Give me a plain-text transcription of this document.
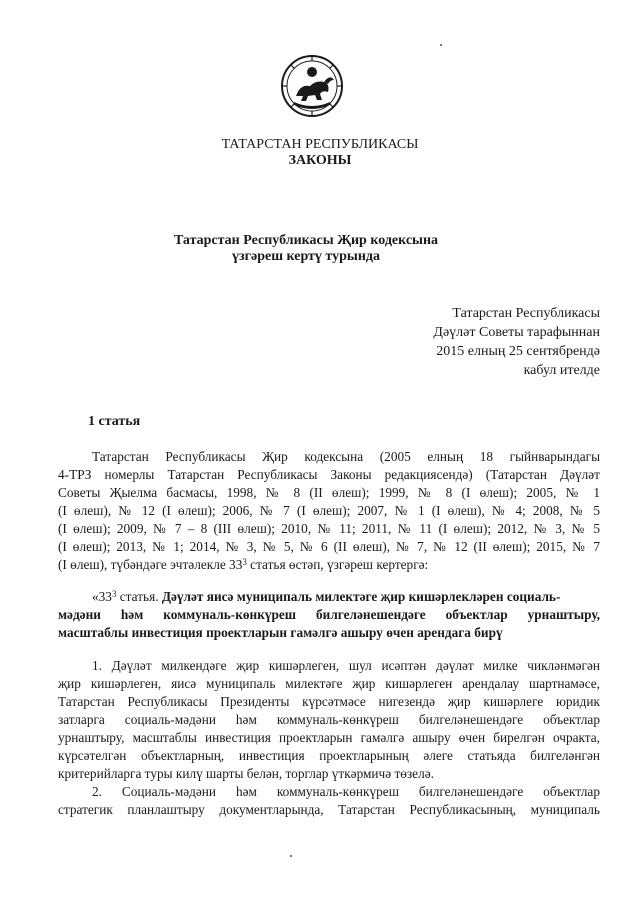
ТАТАРСТАН РЕСПУБЛИКАСЫ
ЗАКОНЫ
Татарстан Республикасы Җир кодексына
үзгәреш кертү турында
Татарстан Республикасы
Дәүләт Советы тарафыннан
2015 елның 25 сентябрендә
кабул ителде
1 статья
Татарстан Республикасы Җир кодексына (2005 елның 18 гыйнварындагы
4-ТРЗ номерлы Татарстан Республикасы Законы редакциясендә) (Татарстан Дәүләт
Советы Җыелма басмасы, 1998, № 8 (II өлеш); 1999, № 8 (I өлеш); 2005, № 1
(I өлеш), № 12 (I өлеш); 2006, № 7 (I өлеш); 2007, № 1 (I өлеш), № 4; 2008, № 5
(I өлеш); 2009, № 7 – 8 (III өлеш); 2010, № 11; 2011, № 11 (I өлеш); 2012, № 3, № 5
(I өлеш); 2013, № 1; 2014, № 3, № 5, № 6 (II өлеш), № 7, № 12 (II өлеш); 2015, № 7
(I өлеш), түбәндәге эчтәлекле $33^3$ статья өстәп, үзгәреш кертергә:
«$33^3$ статья. Дәүләт яисә муниципаль милектәге җир кишәрлекләрен социаль-
мәдәни һәм коммуналь-көнкүреш билгеләнешендәге объектлар урнаштыру,
масштаблы инвестиция проектларын гамәлгә ашыру өчен арендага бирү
1. Дәүләт милкендәге җир кишәрлеген, шул исәптән дәүләт милке чикләнмәгән
җир кишәрлеген, яисә муниципаль милектәге җир кишәрлеген арендалау шартнамәсе,
Татарстан Республикасы Президенты күрсәтмәсе нигезендә җир кишәрлеге юридик
затларга социаль-мәдәни һәм коммуналь-көнкүреш билгеләнешендәге объектлар
урнаштыру, масштаблы инвестиция проектларын гамәлгә ашыру өчен бирелгән очракта,
күрсәтелгән объектларның, инвестиция проектларының әлеге статьяда билгеләнгән
критерийларга туры килү шарты белән, торглар үткәрмичә төзелә.
2. Социаль-мәдәни һәм коммуналь-көнкүреш билгеләнешендәге объектлар
стратегик планлаштыру документларында, Татарстан Республикасының, муниципаль
